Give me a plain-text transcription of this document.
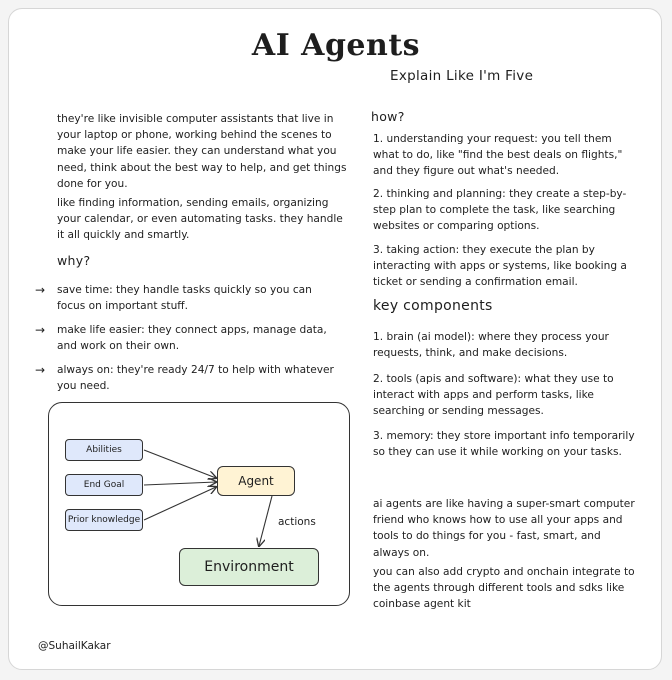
AI Agents
Explain Like I'm Five
they're like invisible computer assistants that live in your laptop or phone, working behind the scenes to make your life easier. they can understand what you need, think about the best way to help, and get things done for you.
like finding information, sending emails, organizing your calendar, or even automating tasks. they handle it all quickly and smartly.
why?
→ save time: they handle tasks quickly so you can focus on important stuff.
→ make life easier: they connect apps, manage data, and work on their own.
→ always on: they're ready 24/7 to help with whatever you need.
Abilities
End Goal
Prior knowledge
Agent
Environment
actions
how?
1. understanding your request: you tell them what to do, like "find the best deals on flights," and they figure out what's needed.
2. thinking and planning: they create a step-by-step plan to complete the task, like searching websites or comparing options.
3. taking action: they execute the plan by interacting with apps or systems, like booking a ticket or sending a confirmation email.
key components
1. brain (ai model): where they process your requests, think, and make decisions.
2. tools (apis and software): what they use to interact with apps and perform tasks, like searching or sending messages.
3. memory: they store important info temporarily so they can use it while working on your tasks.
ai agents are like having a super-smart computer friend who knows how to use all your apps and tools to do things for you - fast, smart, and always on.
you can also add crypto and onchain integrate to the agents through different tools and sdks like coinbase agent kit
@SuhailKakar
